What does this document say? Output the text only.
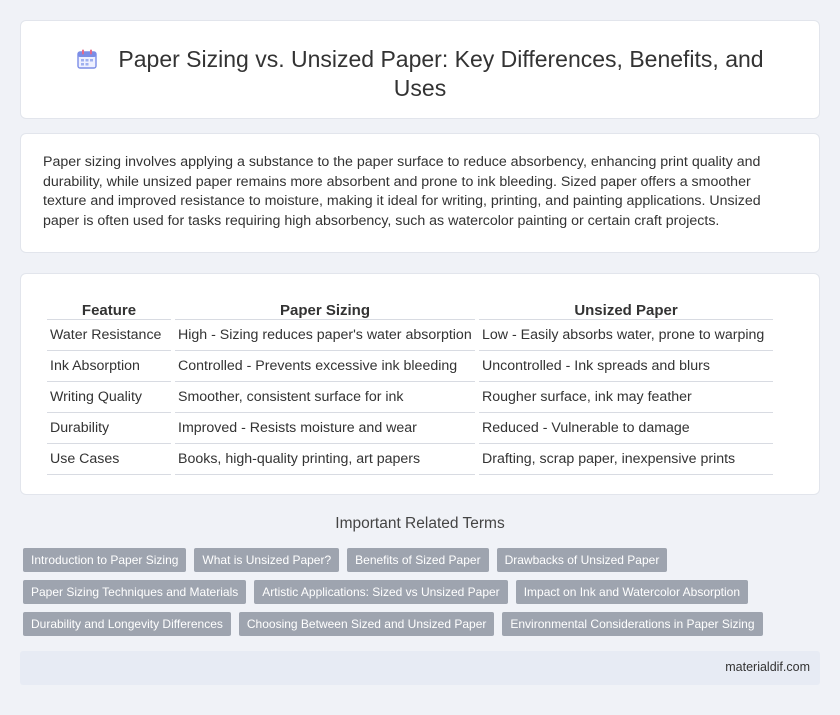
Paper Sizing vs. Unsized Paper: Key Differences, Benefits, and Uses

Paper sizing involves applying a substance to the paper surface to reduce absorbency, enhancing print quality and durability, while unsized paper remains more absorbent and prone to ink bleeding. Sized paper offers a smoother texture and improved resistance to moisture, making it ideal for writing, printing, and painting applications. Unsized paper is often used for tasks requiring high absorbency, such as watercolor painting or certain craft projects.

Feature	Paper Sizing	Unsized Paper
Water Resistance	High - Sizing reduces paper's water absorption	Low - Easily absorbs water, prone to warping
Ink Absorption	Controlled - Prevents excessive ink bleeding	Uncontrolled - Ink spreads and blurs
Writing Quality	Smoother, consistent surface for ink	Rougher surface, ink may feather
Durability	Improved - Resists moisture and wear	Reduced - Vulnerable to damage
Use Cases	Books, high-quality printing, art papers	Drafting, scrap paper, inexpensive prints
Important Related Terms
Introduction to Paper Sizing	What is Unsized Paper?	Benefits of Sized Paper	Drawbacks of Unsized Paper
Paper Sizing Techniques and Materials	Artistic Applications: Sized vs Unsized Paper	Impact on Ink and Watercolor Absorption
Durability and Longevity Differences	Choosing Between Sized and Unsized Paper	Environmental Considerations in Paper Sizing
materialdif.com
